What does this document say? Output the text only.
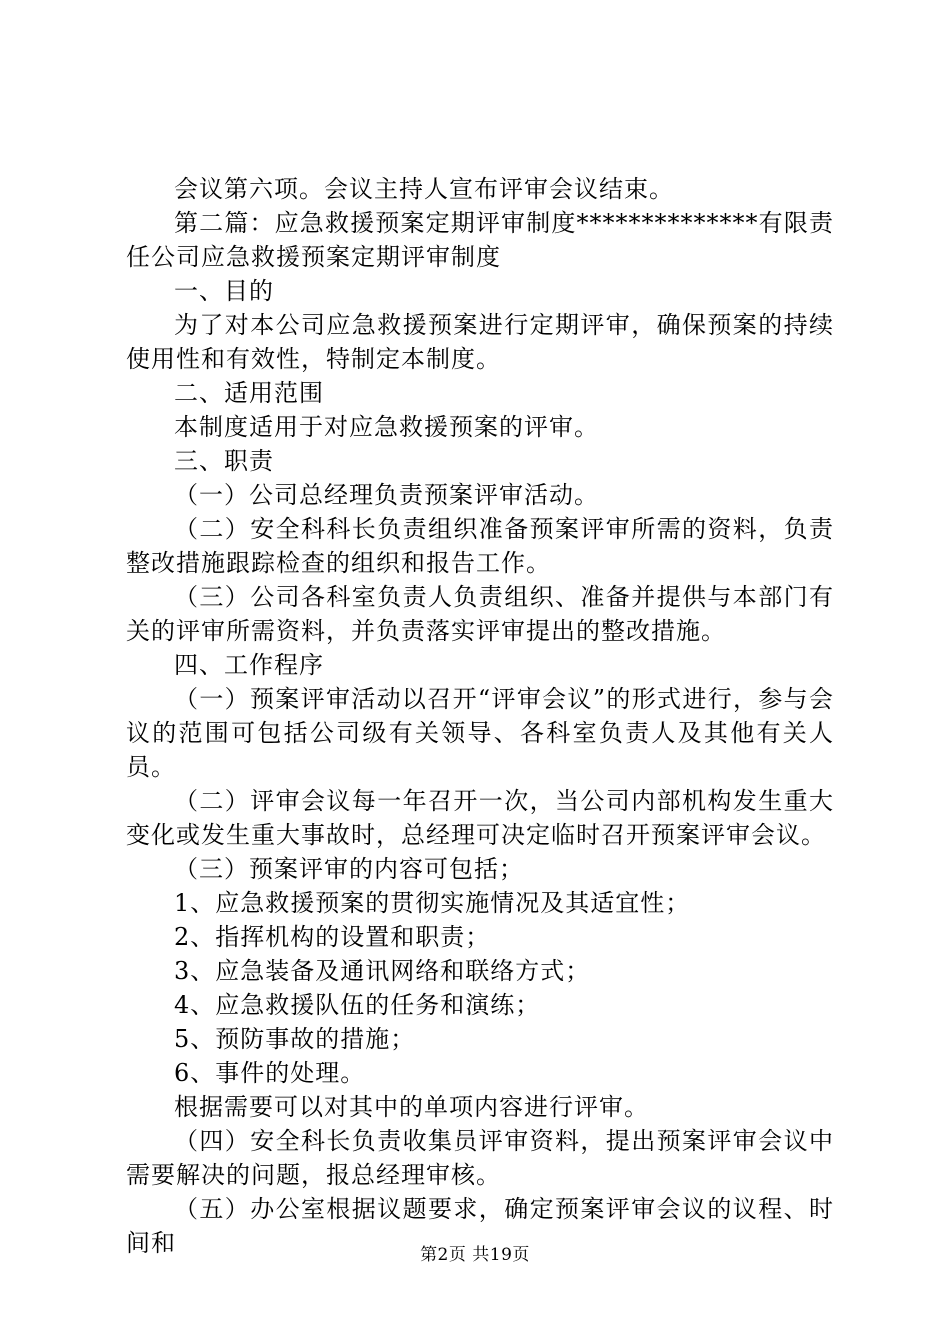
会议第六项。会议主持人宣布评审会议结束。

第二篇：应急救援预案定期评审制度**************有限责任公司应急救援预案定期评审制度

一、目的

为了对本公司应急救援预案进行定期评审，确保预案的持续使用性和有效性，特制定本制度。

二、适用范围

本制度适用于对应急救援预案的评审。

三、职责

（一）公司总经理负责预案评审活动。

（二）安全科科长负责组织准备预案评审所需的资料，负责整改措施跟踪检查的组织和报告工作。

（三）公司各科室负责人负责组织、准备并提供与本部门有关的评审所需资料，并负责落实评审提出的整改措施。

四、工作程序

（一）预案评审活动以召开“评审会议”的形式进行，参与会议的范围可包括公司级有关领导、各科室负责人及其他有关人员。

（二）评审会议每一年召开一次，当公司内部机构发生重大变化或发生重大事故时，总经理可决定临时召开预案评审会议。

（三）预案评审的内容可包括；

1、应急救援预案的贯彻实施情况及其适宜性；

2、指挥机构的设置和职责；

3、应急装备及通讯网络和联络方式；

4、应急救援队伍的任务和演练；

5、预防事故的措施；

6、事件的处理。

根据需要可以对其中的单项内容进行评审。

（四）安全科长负责收集员评审资料，提出预案评审会议中需要解决的问题，报总经理审核。

（五）办公室根据议题要求，确定预案评审会议的议程、时间和	第2页 共19页
